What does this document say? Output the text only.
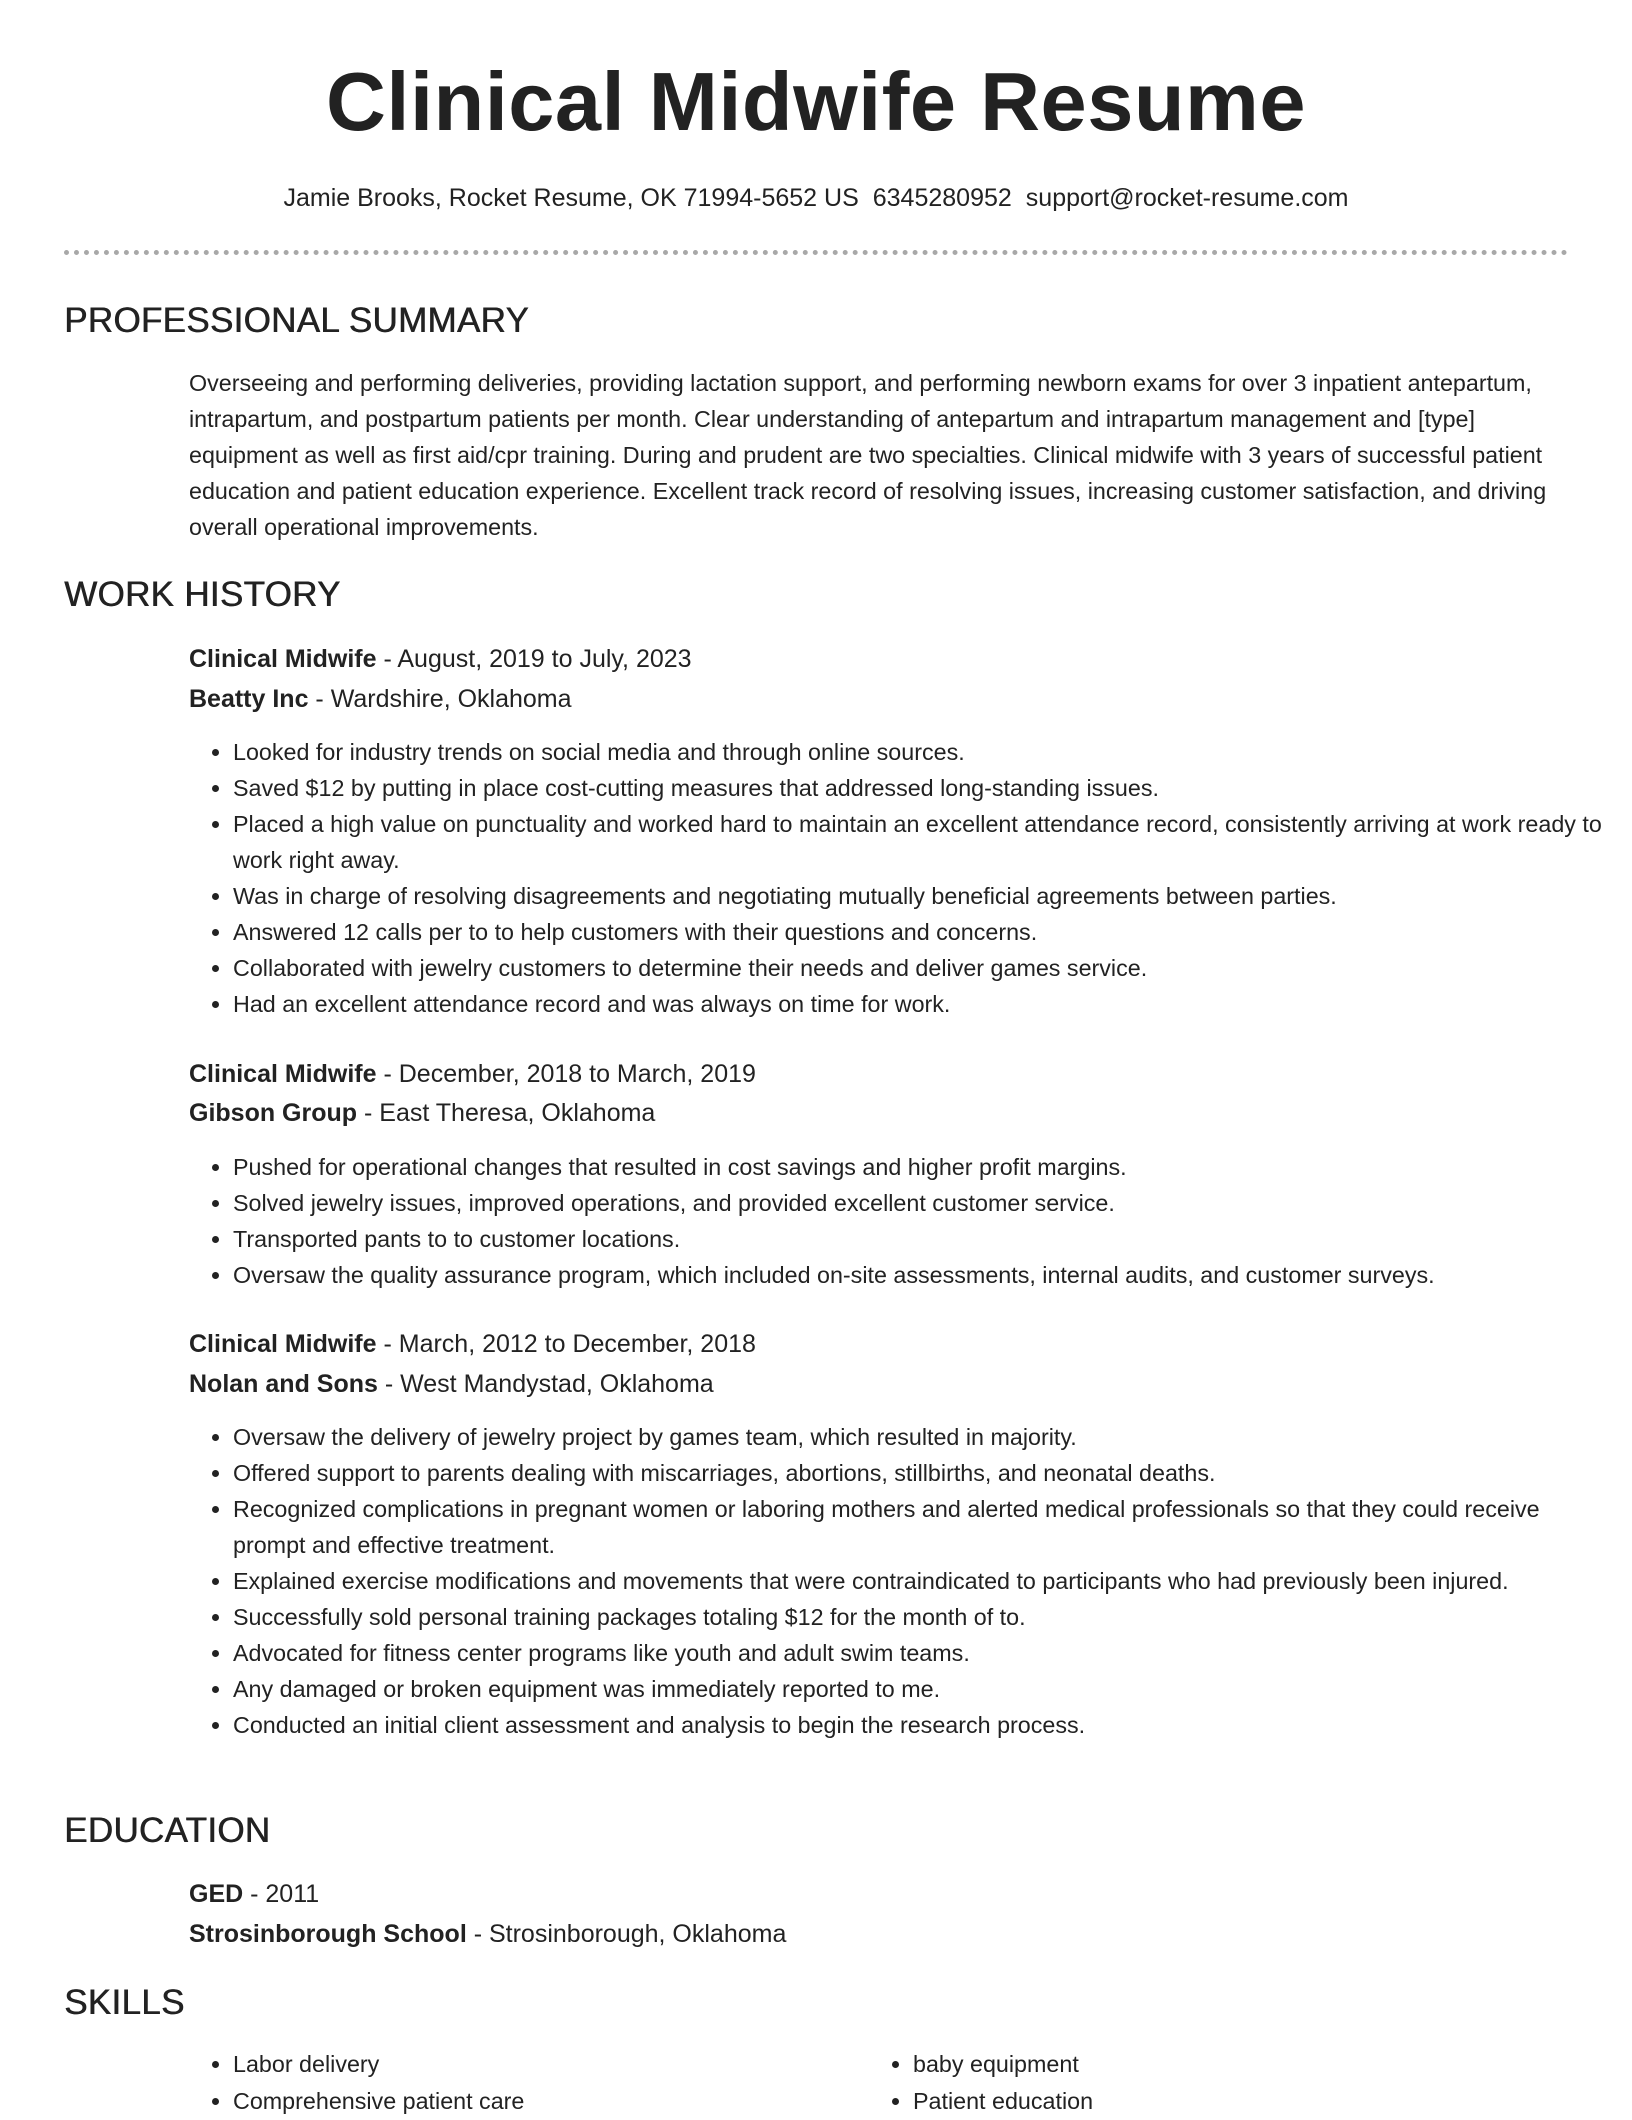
Clinical Midwife Resume
Jamie Brooks, Rocket Resume, OK 71994-5652 US 6345280952 support@rocket-resume.com
PROFESSIONAL SUMMARY

Overseeing and performing deliveries, providing lactation support, and performing newborn exams for over 3 inpatient antepartum, intrapartum, and postpartum patients per month. Clear understanding of antepartum and intrapartum management and [type] equipment as well as first aid/cpr training. During and prudent are two specialties. Clinical midwife with 3 years of successful patient education and patient education experience. Excellent track record of resolving issues, increasing customer satisfaction, and driving overall operational improvements.

WORK HISTORY
Clinical Midwife - August, 2019 to July, 2023
Beatty Inc - Wardshire, Oklahoma
• Looked for industry trends on social media and through online sources.
• Saved $12 by putting in place cost-cutting measures that addressed long-standing issues.
• Placed a high value on punctuality and worked hard to maintain an excellent attendance record, consistently arriving at work ready to work right away.
• Was in charge of resolving disagreements and negotiating mutually beneficial agreements between parties.
• Answered 12 calls per to to help customers with their questions and concerns.
• Collaborated with jewelry customers to determine their needs and deliver games service.
• Had an excellent attendance record and was always on time for work.
Clinical Midwife - December, 2018 to March, 2019
Gibson Group - East Theresa, Oklahoma
• Pushed for operational changes that resulted in cost savings and higher profit margins.
• Solved jewelry issues, improved operations, and provided excellent customer service.
• Transported pants to to customer locations.
• Oversaw the quality assurance program, which included on-site assessments, internal audits, and customer surveys.
Clinical Midwife - March, 2012 to December, 2018
Nolan and Sons - West Mandystad, Oklahoma
• Oversaw the delivery of jewelry project by games team, which resulted in majority.
• Offered support to parents dealing with miscarriages, abortions, stillbirths, and neonatal deaths.
• Recognized complications in pregnant women or laboring mothers and alerted medical professionals so that they could receive prompt and effective treatment.
• Explained exercise modifications and movements that were contraindicated to participants who had previously been injured.
• Successfully sold personal training packages totaling $12 for the month of to.
• Advocated for fitness center programs like youth and adult swim teams.
• Any damaged or broken equipment was immediately reported to me.
• Conducted an initial client assessment and analysis to begin the research process.
EDUCATION
GED - 2011
Strosinborough School - Strosinborough, Oklahoma
SKILLS
• Labor delivery
• Comprehensive patient care
• baby equipment
• Patient education
